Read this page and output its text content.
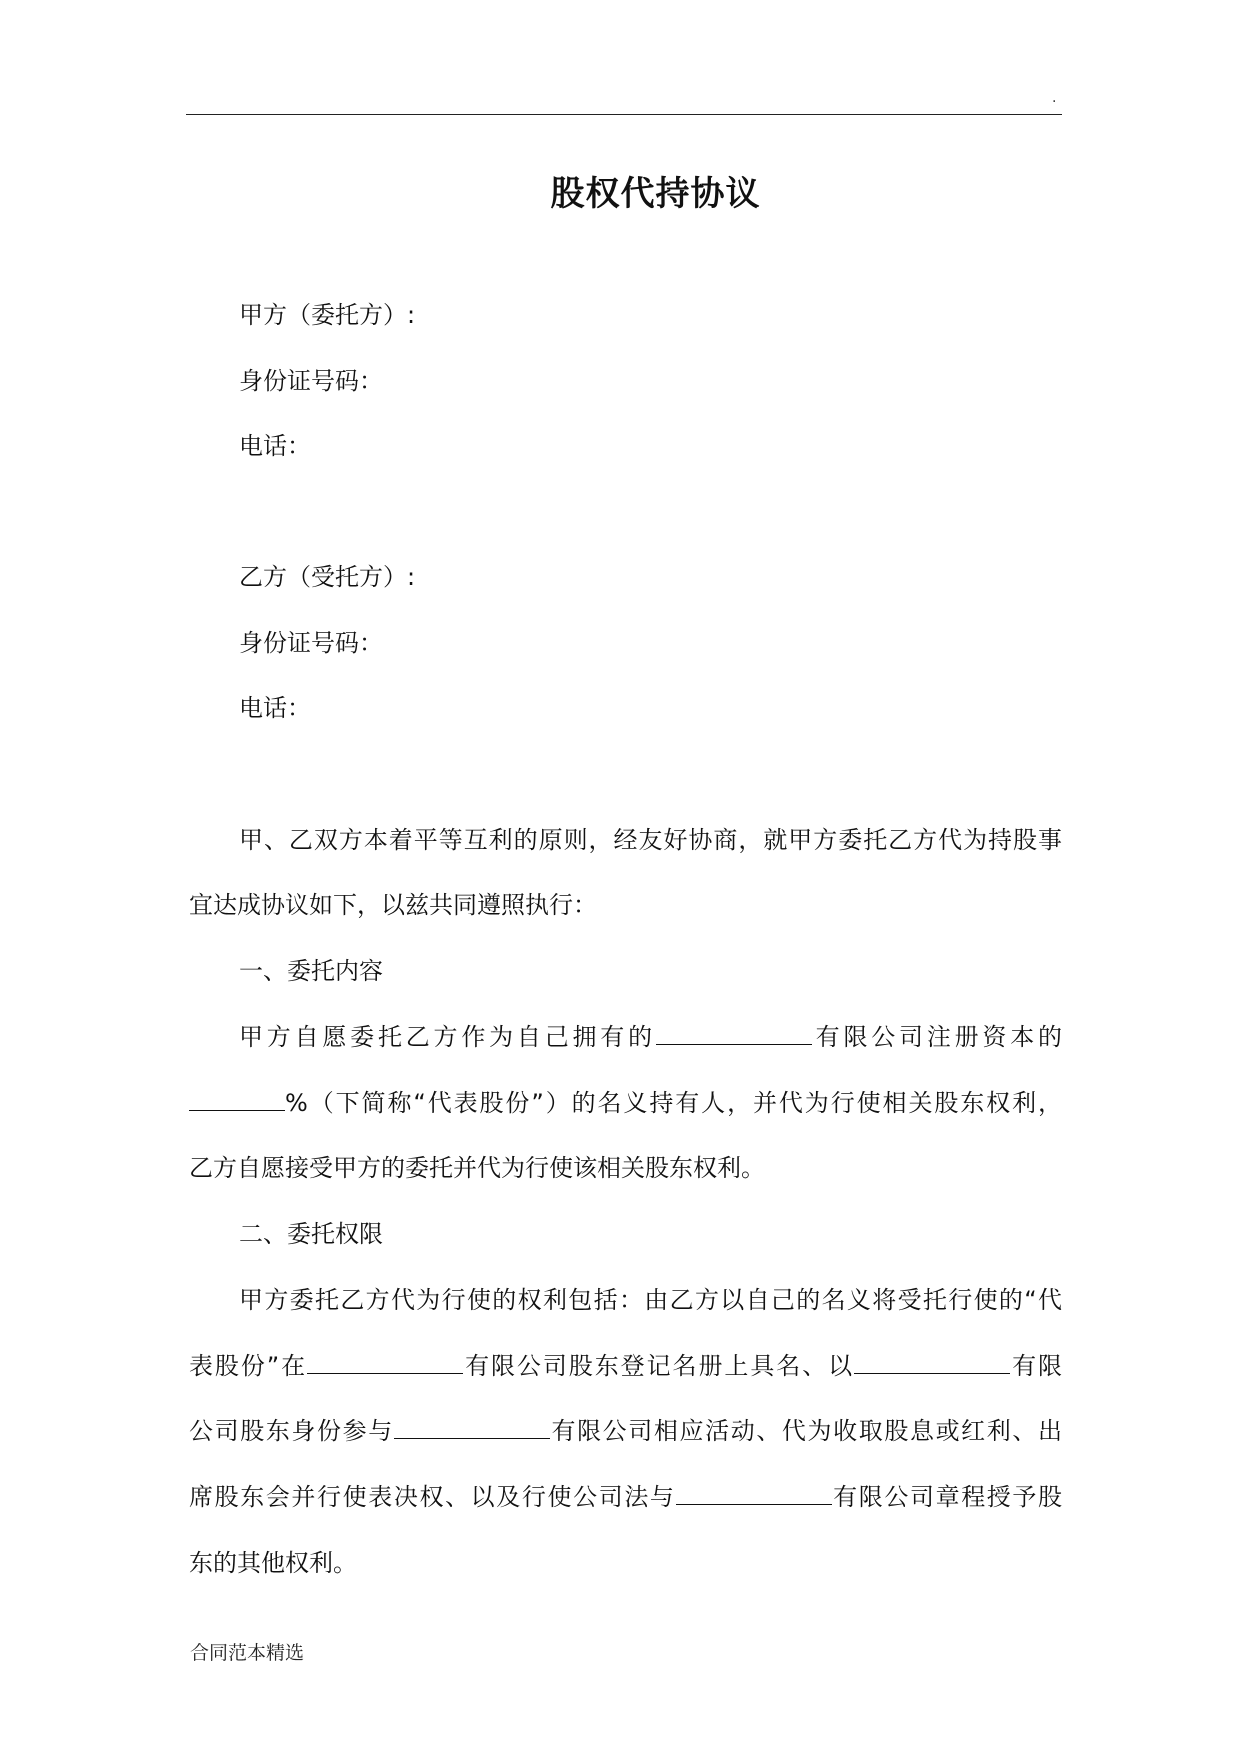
.
股权代持协议

甲方（委托方）:

身份证号码：

电话：

乙方（受托方）:

身份证号码：

电话：

甲、乙双方本着平等互利的原则，经友好协商，就甲方委托乙方代为持股事

宜达成协议如下，以兹共同遵照执行：

一、委托内容

甲方自愿委托乙方作为自己拥有的	有限公司注册资本的

%（下简称“代表股份”）的名义持有人，并代为行使相关股东权利，

乙方自愿接受甲方的委托并代为行使该相关股东权利。

二、委托权限

甲方委托乙方代为行使的权利包括：由乙方以自己的名义将受托行使的“代

表股份”在	有限公司股东登记名册上具名、以	有限

公司股东身份参与	有限公司相应活动、代为收取股息或红利、出

席股东会并行使表决权、以及行使公司法与	有限公司章程授予股

东的其他权利。

合同范本精选
